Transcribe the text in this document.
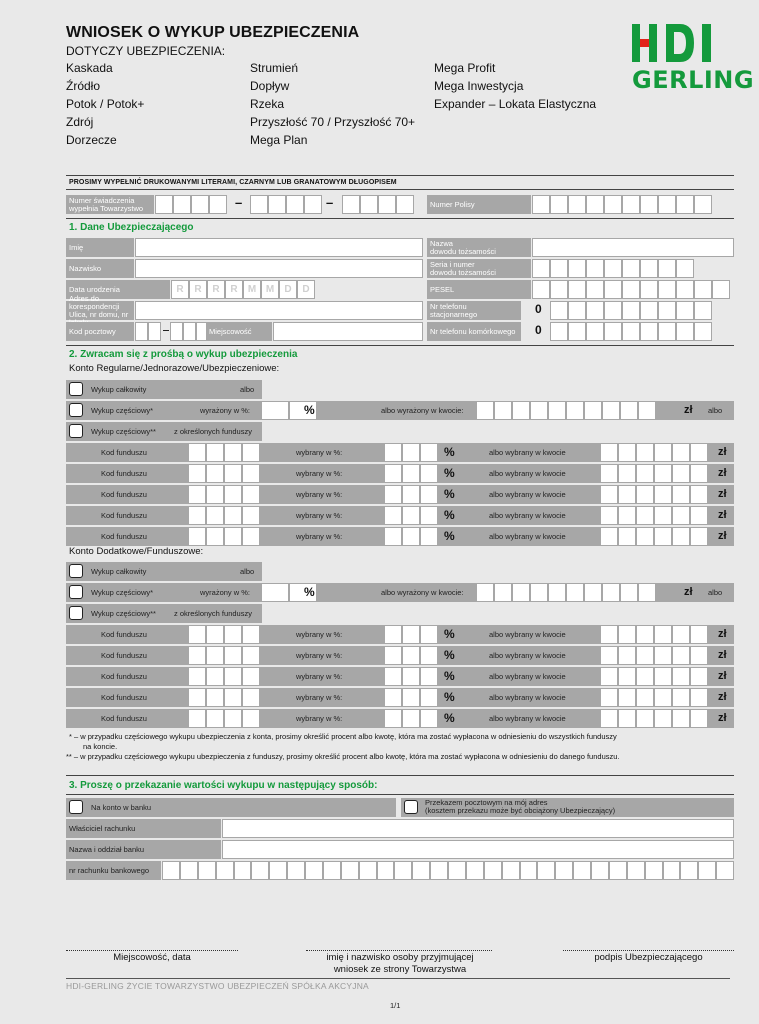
WNIOSEK O WYKUP UBEZPIECZENIA
DOTYCZY UBEZPIECZENIA:
Kaskada
Źródło
Potok / Potok+
Zdrój
Dorzecze
Strumień
Dopływ
Rzeka
Przyszłość 70 / Przyszłość 70+
Mega Plan
Mega Profit
Mega Inwestycja
Expander – Lokata Elastyczna
GERLING
PROSIMY WYPEŁNIĆ DRUKOWANYMI LITERAMI, CZARNYM LUB GRANATOWYM DŁUGOPISEM
Numer świadczenia
wypełnia Towarzystwo	–	–	Numer Polisy
1. Dane Ubezpieczającego
Imię
Nazwisko
Data urodzenia	R	R	R	R	M M	D	D
Adres do korespondencji
Ulica, nr domu, nr
Kod pocztowy	Miejscowość
Nazwa
dowodu tożsamości
Seria i numer
dowodu tożsamości
PESEL
Nr telefonu
stacjonarnego	0
Nr telefonu komórkowego	0
2. Zwracam się z prośbą o wykup ubezpieczenia
Konto Regularne/Jednorazowe/Ubezpieczeniowe:
Wykup całkowity	albo
Wykup częściowy*	wyrażony w %:	%	albo wyrażony w kwocie:	zł albo
Wykup częściowy** z określonych funduszy
Kod funduszu	wybrany w %:	%	albo wybrany w kwocie	zł
Kod funduszu	wybrany w %:	%	albo wybrany w kwocie	zł
Kod funduszu	wybrany w %:	%	albo wybrany w kwocie	zł
Kod funduszu	wybrany w %:	%	albo wybrany w kwocie	zł
Kod funduszu	wybrany w %:	%	albo wybrany w kwocie	zł
Konto Dodatkowe/Funduszowe:
Wykup całkowity	albo
Wykup częściowy*	wyrażony w %:	%	albo wyrażony w kwocie:	zł albo
Wykup częściowy** z określonych funduszy
Kod funduszu	wybrany w %:	%	albo wybrany w kwocie	zł
Kod funduszu	wybrany w %:	%	albo wybrany w kwocie	zł
Kod funduszu	wybrany w %:	%	albo wybrany w kwocie	zł
Kod funduszu	wybrany w %:	%	albo wybrany w kwocie	zł
Kod funduszu	wybrany w %:	%	albo wybrany w kwocie	zł
* – w przypadku częściowego wykupu ubezpieczenia z konta, prosimy określić procent albo kwotę, która ma zostać wypłacona w odniesieniu do wszystkich funduszy
na koncie.
** – w przypadku częściowego wykupu ubezpieczenia z funduszy, prosimy określić procent albo kwotę, która ma zostać wypłacona w odniesieniu do danego funduszu.
3. Proszę o przekazanie wartości wykupu w następujący sposób:
Na konto w banku
Przekazem pocztowym na mój adres
(kosztem przekazu może być obciążony Ubezpieczający)
Właściciel rachunku
Nazwa i oddział banku
nr rachunku bankowego
Miejscowość, data	imię i nazwisko osoby przyjmującej
wniosek ze strony Towarzystwa
podpis Ubezpieczającego
HDI-GERLING ŻYCIE TOWARZYSTWO UBEZPIECZEŃ SPÓŁKA AKCYJNA
1/1
